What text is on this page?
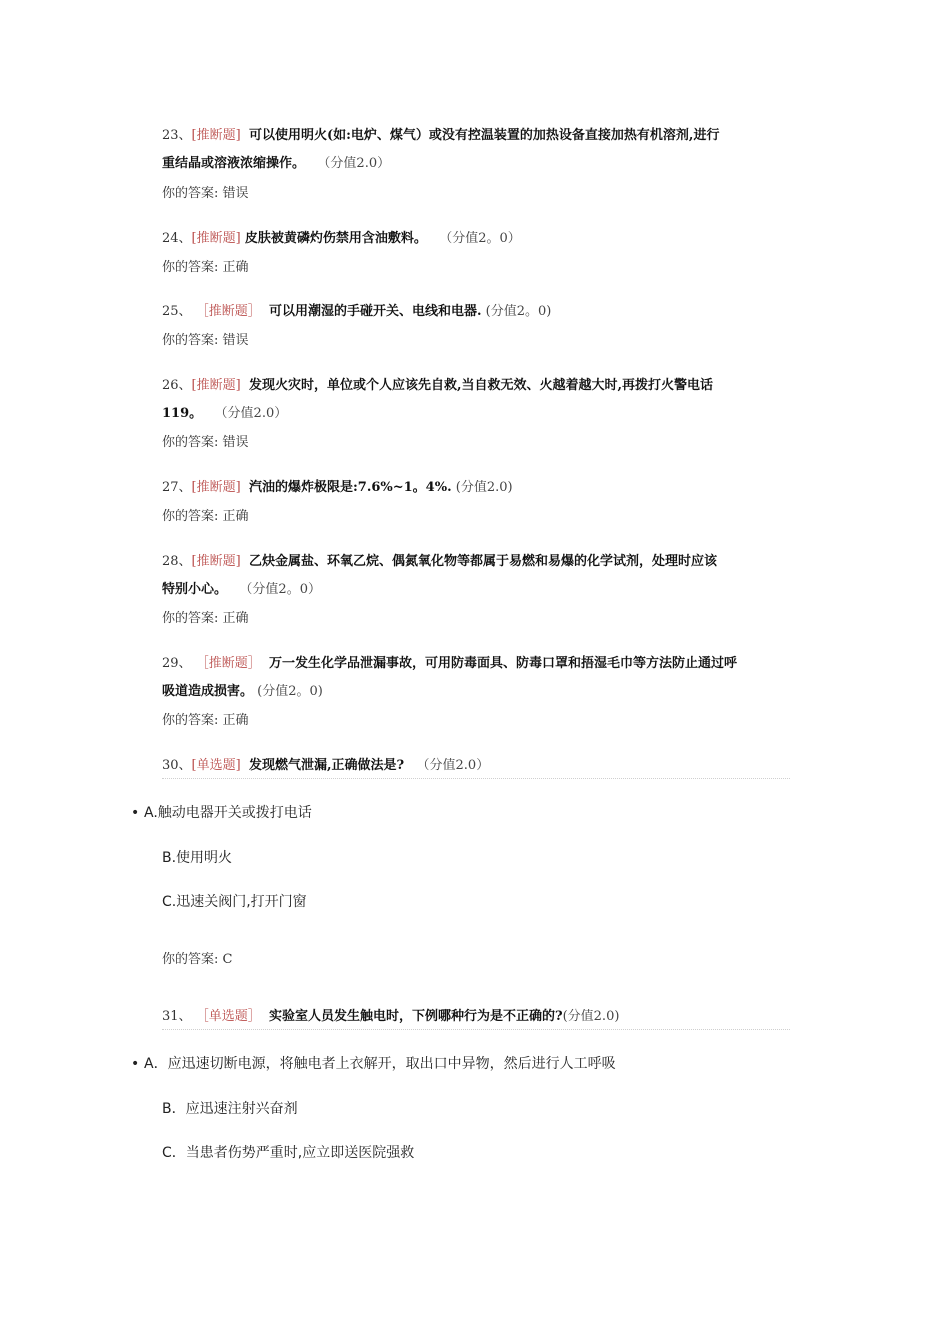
23、[推断题] 可以使用明火(如:电炉、煤气）或没有控温装置的加热设备直接加热有机溶剂,进行
重结晶或溶液浓缩操作。 （分值2.0）
你的答案: 错误
24、[推断题] 皮肤被黄磷灼伤禁用含油敷料。 （分值2。0）
你的答案: 正确
25、 ［推断题］ 可以用潮湿的手碰开关、电线和电器. (分值2。0)
你的答案: 错误
26、[推断题] 发现火灾时，单位或个人应该先自救,当自救无效、火越着越大时,再拨打火警电话
119。 （分值2.0）
你的答案: 错误
27、[推断题] 汽油的爆炸极限是:7.6%~1。4%. (分值2.0)
你的答案: 正确
28、[推断题] 乙炔金属盐、环氧乙烷、偶氮氧化物等都属于易燃和易爆的化学试剂，处理时应该
特别小心。 （分值2。0）
你的答案: 正确
29、 ［推断题］ 万一发生化学品泄漏事故，可用防毒面具、防毒口罩和捂湿毛巾等方法防止通过呼
吸道造成损害。 (分值2。0)
你的答案: 正确
30、[单选题] 发现燃气泄漏,正确做法是? （分值2.0）
• A.触动电器开关或拨打电话
B.使用明火
C.迅速关阀门,打开门窗
你的答案: C
31、 ［单选题］ 实验室人员发生触电时，下例哪种行为是不正确的?(分值2.0)
• A．应迅速切断电源，将触电者上衣解开，取出口中异物，然后进行人工呼吸
B．应迅速注射兴奋剂
C．当患者伤势严重时,应立即送医院强救
